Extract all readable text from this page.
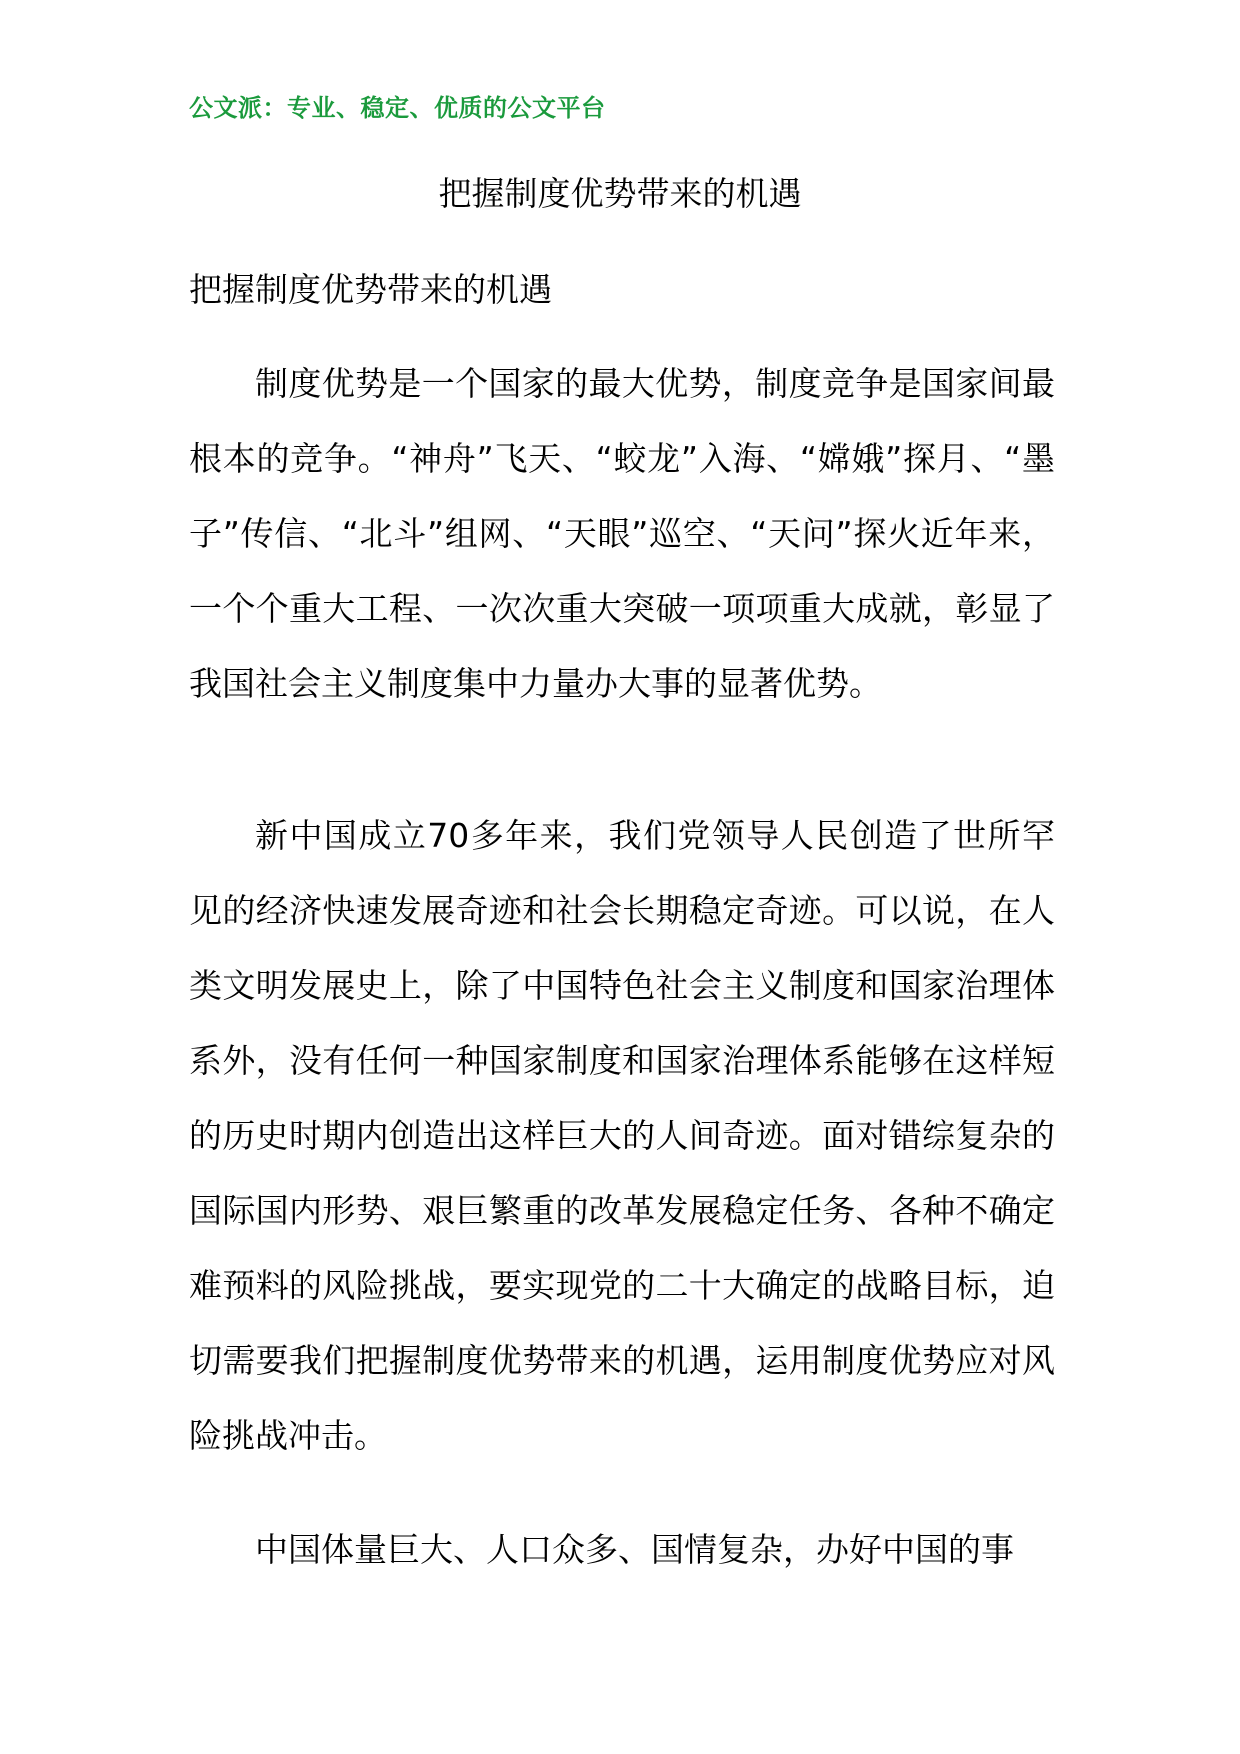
公文派：专业、稳定、优质的公文平台
把握制度优势带来的机遇
把握制度优势带来的机遇

制度优势是一个国家的最大优势，制度竞争是国家间最根本的竞争。“神舟”飞天、“蛟龙”入海、“嫦娥”探月、“墨子”传信、“北斗”组网、“天眼”巡空、“天问”探火近年来，一个个重大工程、一次次重大突破一项项重大成就，彰显了我国社会主义制度集中力量办大事的显著优势。

新中国成立70多年来，我们党领导人民创造了世所罕见的经济快速发展奇迹和社会长期稳定奇迹。可以说，在人类文明发展史上，除了中国特色社会主义制度和国家治理体系外，没有任何一种国家制度和国家治理体系能够在这样短的历史时期内创造出这样巨大的人间奇迹。面对错综复杂的国际国内形势、艰巨繁重的改革发展稳定任务、各种不确定难预料的风险挑战，要实现党的二十大确定的战略目标，迫切需要我们把握制度优势带来的机遇，运用制度优势应对风险挑战冲击。

中国体量巨大、人口众多、国情复杂，办好中国的事
